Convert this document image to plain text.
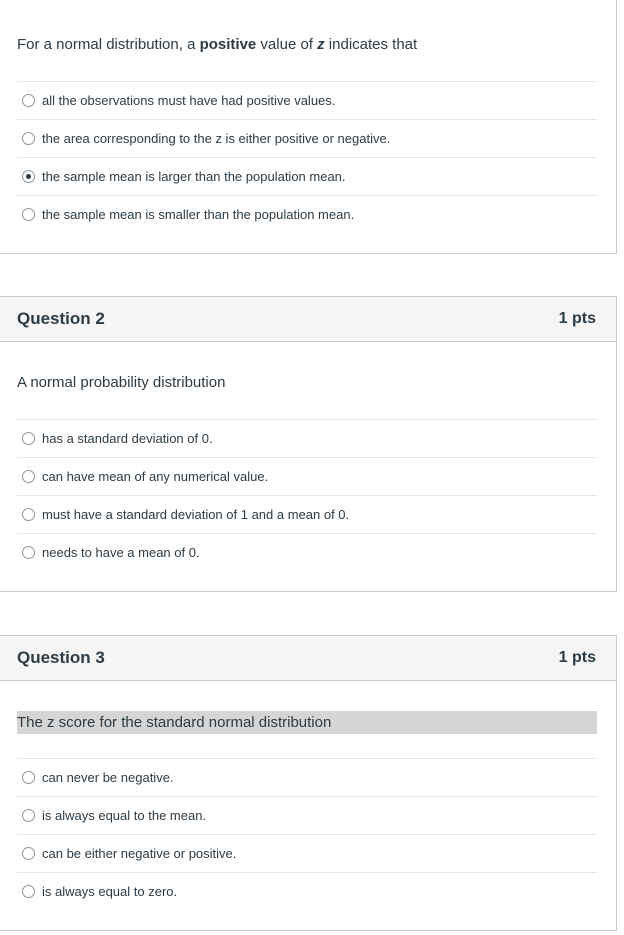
For a normal distribution, a positive value of z indicates that
all the observations must have had positive values.
the area corresponding to the z is either positive or negative.
the sample mean is larger than the population mean.
the sample mean is smaller than the population mean.
Question 2	1 pts
A normal probability distribution
has a standard deviation of 0.
can have mean of any numerical value.
must have a standard deviation of 1 and a mean of 0.
needs to have a mean of 0.
Question 3	1 pts
The z score for the standard normal distribution
can never be negative.
is always equal to the mean.
can be either negative or positive.
is always equal to zero.
